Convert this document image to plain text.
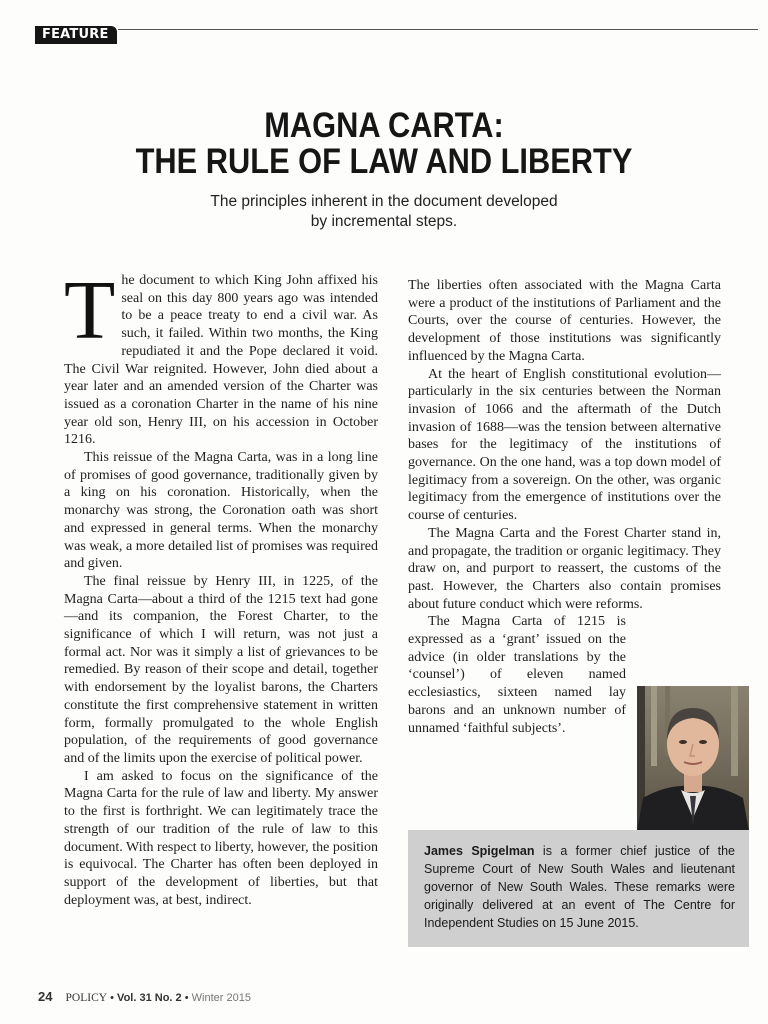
FEATURE
MAGNA CARTA:
THE RULE OF LAW AND LIBERTY
The principles inherent in the document developed
by incremental steps.

The document to which King John affixed his seal on this day 800 years ago was intended to be a peace treaty to end a civil war. As such, it failed. Within two months, the King repudiated it and the Pope declared it void. The Civil War reignited. However, John died about a year later and an amended version of the Charter was issued as a coronation Charter in the name of his nine year old son, Henry III, on his accession in October 1216.

This reissue of the Magna Carta, was in a long line of promises of good governance, traditionally given by a king on his coronation. Historically, when the monarchy was strong, the Coronation oath was short and expressed in general terms. When the monarchy was weak, a more detailed list of promises was required and given.

The final reissue by Henry III, in 1225, of the Magna Carta—about a third of the 1215 text had gone—and its companion, the Forest Charter, to the significance of which I will return, was not just a formal act. Nor was it simply a list of grievances to be remedied. By reason of their scope and detail, together with endorsement by the loyalist barons, the Charters constitute the first comprehensive statement in written form, formally promulgated to the whole English population, of the requirements of good governance and of the limits upon the exercise of political power.

I am asked to focus on the significance of the Magna Carta for the rule of law and liberty. My answer to the first is forthright. We can legitimately trace the strength of our tradition of the rule of law to this document. With respect to liberty, however, the position is equivocal. The Charter has often been deployed in support of the development of liberties, but that deployment was, at best, indirect.

The liberties often associated with the Magna Carta were a product of the institutions of Parliament and the Courts, over the course of centuries. However, the development of those institutions was significantly influenced by the Magna Carta.

At the heart of English constitutional evolution—particularly in the six centuries between the Norman invasion of 1066 and the aftermath of the Dutch invasion of 1688—was the tension between alternative bases for the legitimacy of the institutions of governance. On the one hand, was a top down model of legitimacy from a sovereign. On the other, was organic legitimacy from the emergence of institutions over the course of centuries.

The Magna Carta and the Forest Charter stand in, and propagate, the tradition or organic legitimacy. They draw on, and purport to reassert, the customs of the past. However, the Charters also contain promises about future conduct which were reforms.

The Magna Carta of 1215 is expressed as a ‘grant’ issued on the advice (in older translations by the ‘counsel’) of eleven named ecclesiastics, sixteen named lay barons and an unknown number of unnamed ‘faithful subjects’.

James Spigelman is a former chief justice of the Supreme Court of New South Wales and lieutenant governor of New South Wales. These remarks were originally delivered at an event of The Centre for Independent Studies on 15 June 2015.
24 POLICY • Vol. 31 No. 2 • Winter 2015
